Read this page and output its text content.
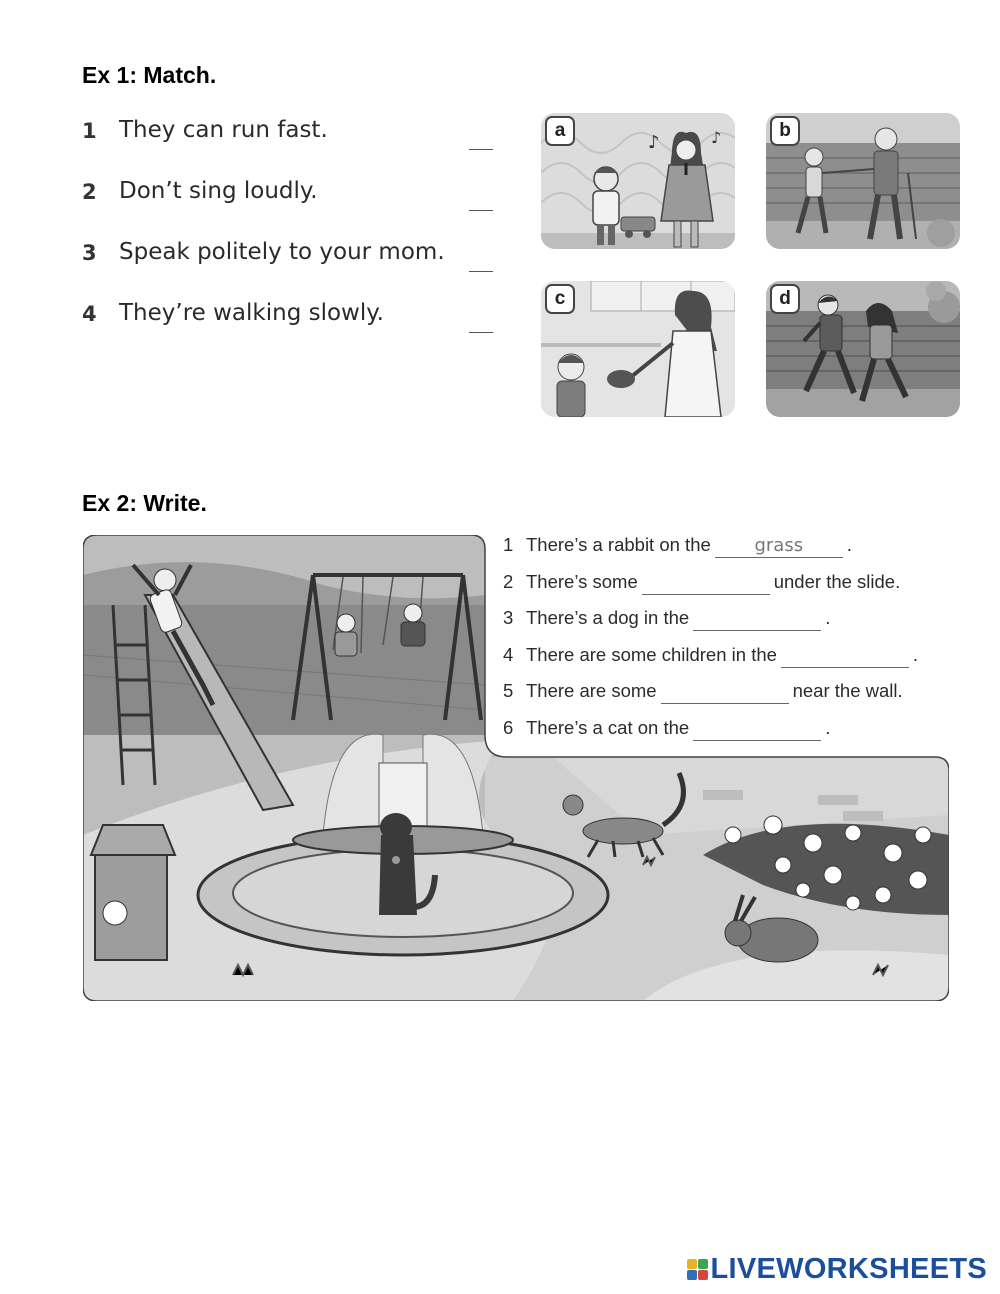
Ex 1: Match.
1 They can run fast.
2 Don’t sing loudly.
3 Speak politely to your mom.
4 They’re walking slowly.
a
♪	♪	b
c	d
Ex 2: Write.
1 There’s a rabbit on thegrass	.
2 There’s some	under the slide.
3 There’s a dog in the	.
4 There are some children in the	.
5 There are some	near the wall.
6 There’s a cat on the	.
LIVEWORKSHEETS
